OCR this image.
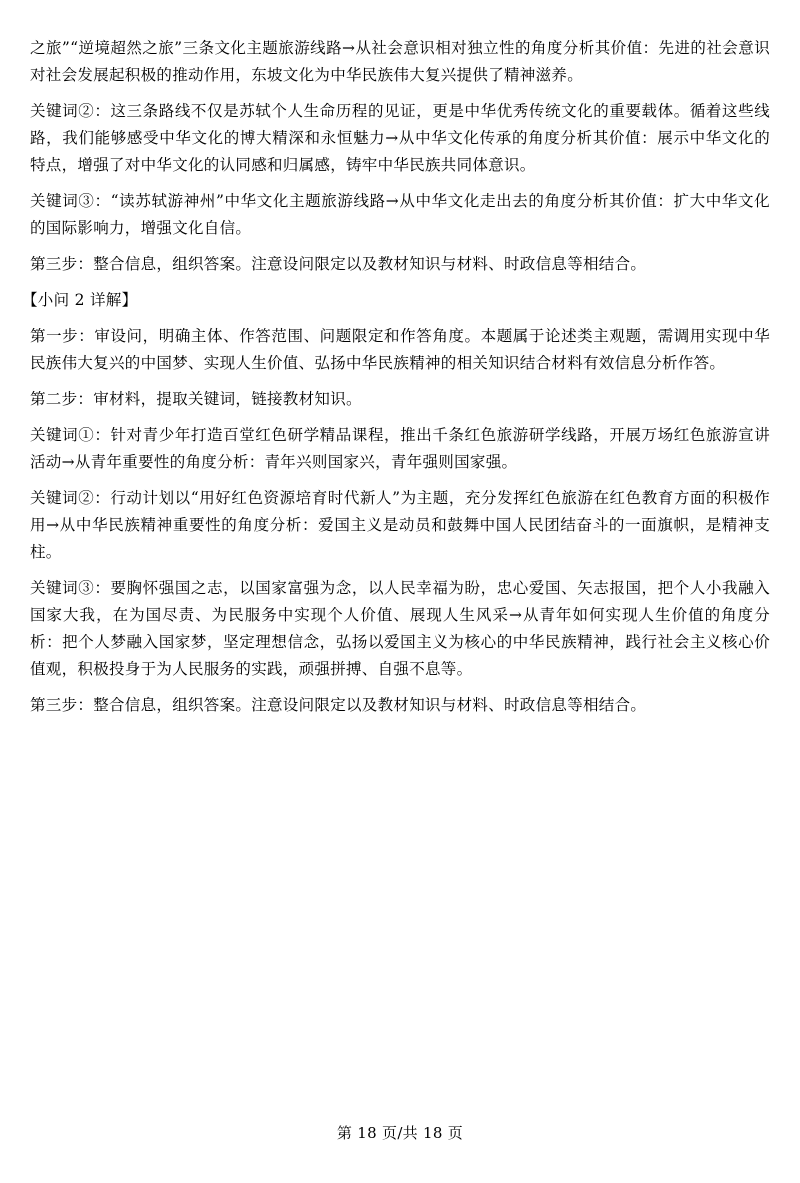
之旅”“逆境超然之旅”三条文化主题旅游线路→从社会意识相对独立性的角度分析其价值：先进的社会意识对社会发展起积极的推动作用，东坡文化为中华民族伟大复兴提供了精神滋养。

关键词②：这三条路线不仅是苏轼个人生命历程的见证，更是中华优秀传统文化的重要载体。循着这些线路，我们能够感受中华文化的博大精深和永恒魅力→从中华文化传承的角度分析其价值：展示中华文化的特点，增强了对中华文化的认同感和归属感，铸牢中华民族共同体意识。

关键词③：“读苏轼游神州”中华文化主题旅游线路→从中华文化走出去的角度分析其价值：扩大中华文化的国际影响力，增强文化自信。

第三步：整合信息，组织答案。注意设问限定以及教材知识与材料、时政信息等相结合。

【小问 2 详解】

第一步：审设问，明确主体、作答范围、问题限定和作答角度。本题属于论述类主观题，需调用实现中华民族伟大复兴的中国梦、实现人生价值、弘扬中华民族精神的相关知识结合材料有效信息分析作答。

第二步：审材料，提取关键词，链接教材知识。

关键词①：针对青少年打造百堂红色研学精品课程，推出千条红色旅游研学线路，开展万场红色旅游宣讲活动→从青年重要性的角度分析：青年兴则国家兴，青年强则国家强。

关键词②：行动计划以“用好红色资源培育时代新人”为主题，充分发挥红色旅游在红色教育方面的积极作用→从中华民族精神重要性的角度分析：爱国主义是动员和鼓舞中国人民团结奋斗的一面旗帜，是精神支柱。

关键词③：要胸怀强国之志，以国家富强为念，以人民幸福为盼，忠心爱国、矢志报国，把个人小我融入国家大我，在为国尽责、为民服务中实现个人价值、展现人生风采→从青年如何实现人生价值的角度分析：把个人梦融入国家梦，坚定理想信念，弘扬以爱国主义为核心的中华民族精神，践行社会主义核心价值观，积极投身于为人民服务的实践，顽强拼搏、自强不息等。

第三步：整合信息，组织答案。注意设问限定以及教材知识与材料、时政信息等相结合。

第 18 页/共 18 页
